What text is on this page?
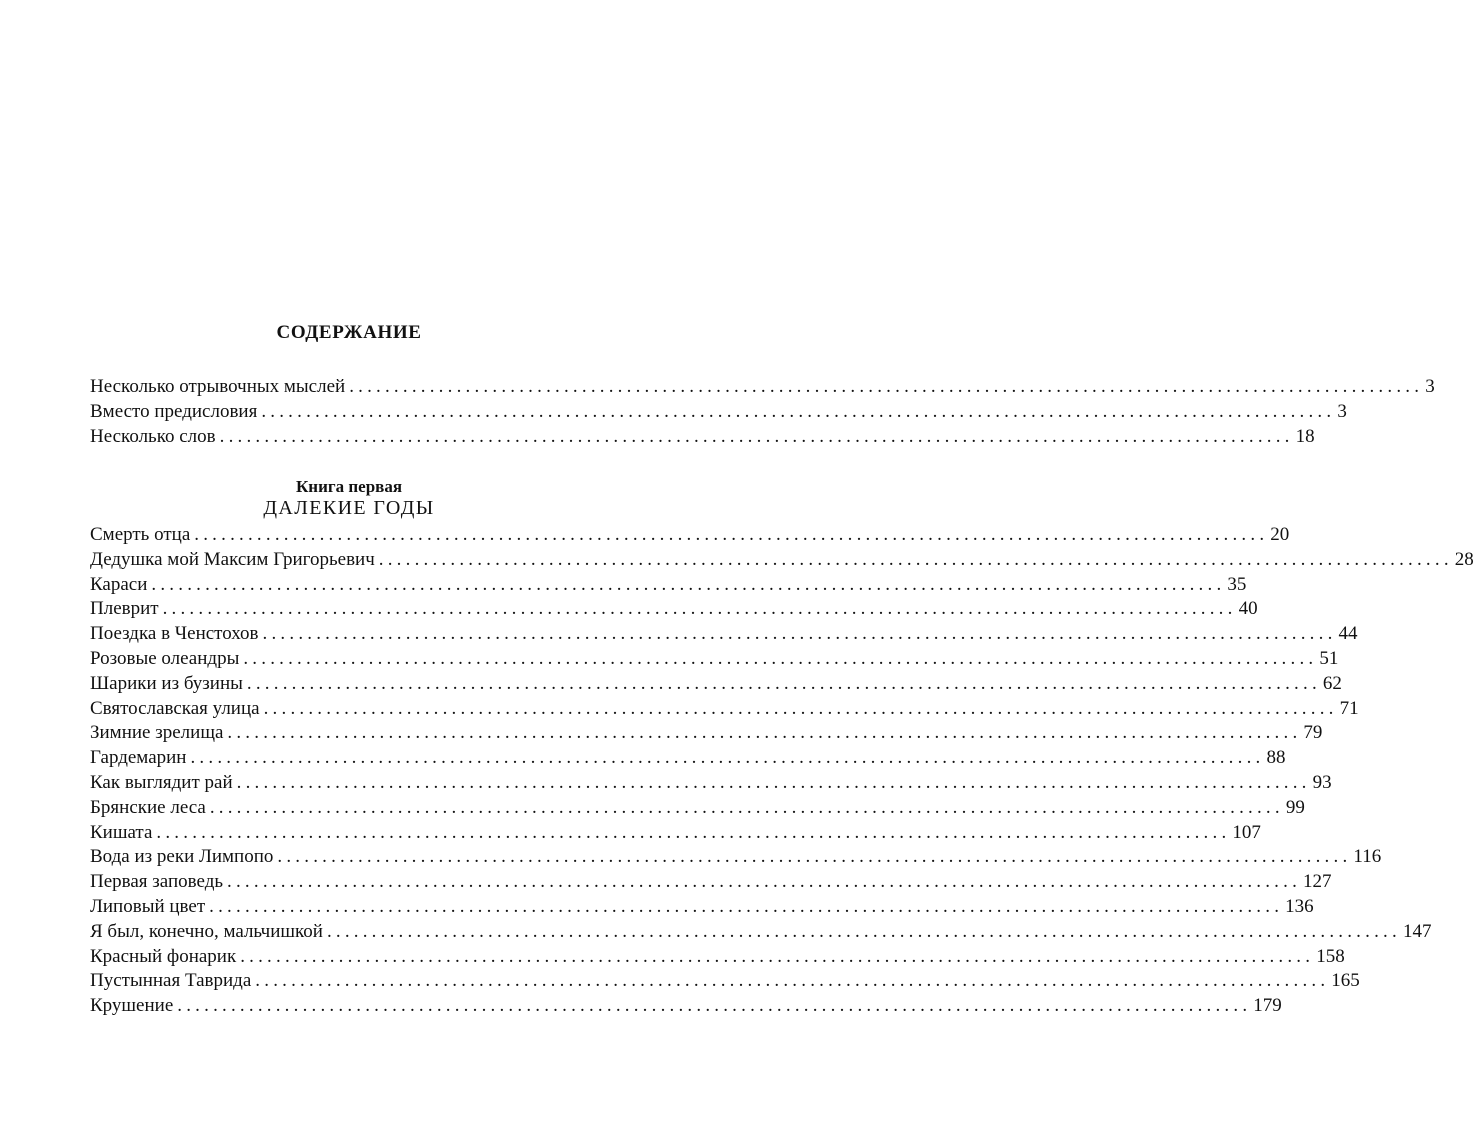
СОДЕРЖАНИЕ
Несколько отрывочных мыслей ........................................................................................................................ 3
Вместо предисловия ........................................................................................................................ 3
Несколько слов ........................................................................................................................ 18
Книга первая
ДАЛЕКИЕ ГОДЫ
Смерть отца ........................................................................................................................ 20
Дедушка мой Максим Григорьевич ........................................................................................................................ 28
Караси ........................................................................................................................ 35
Плеврит ........................................................................................................................ 40
Поездка в Ченстохов ........................................................................................................................ 44
Розовые олеандры ........................................................................................................................ 51
Шарики из бузины ........................................................................................................................ 62
Святославская улица ........................................................................................................................ 71
Зимние зрелища ........................................................................................................................ 79
Гардемарин ........................................................................................................................ 88
Как выглядит рай ........................................................................................................................ 93
Брянские леса ........................................................................................................................ 99
Кишата ........................................................................................................................ 107
Вода из реки Лимпопо ........................................................................................................................ 116
Первая заповедь ........................................................................................................................ 127
Липовый цвет ........................................................................................................................ 136
Я был, конечно, мальчишкой ........................................................................................................................ 147
Красный фонарик ........................................................................................................................ 158
Пустынная Таврида ........................................................................................................................ 165
Крушение ........................................................................................................................ 179
